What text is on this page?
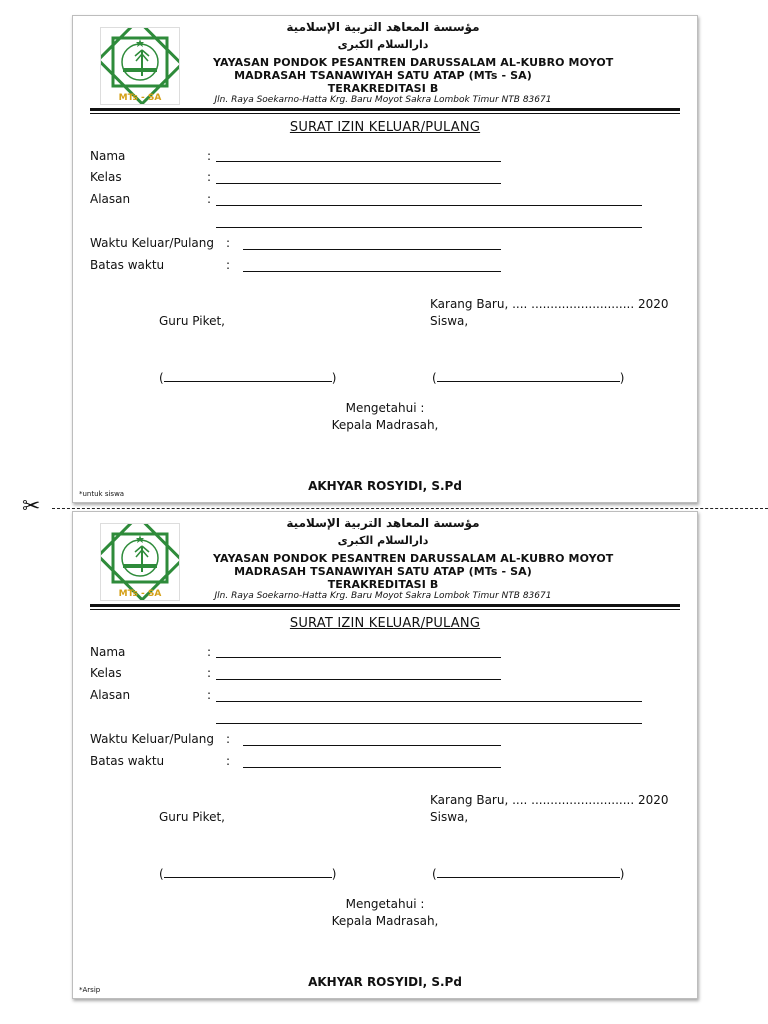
✂
MTs - SA
مؤسسة المعاهد التربية الإسلامية
دارالسلام الكبرى
YAYASAN PONDOK PESANTREN DARUSSALAM AL-KUBRO MOYOT
MADRASAH TSANAWIYAH SATU ATAP (MTs - SA)
TERAKREDITASI B
Jln. Raya Soekarno-Hatta Krg. Baru Moyot Sakra Lombok Timur NTB 83671
SURAT IZIN KELUAR/PULANG
Nama	:
Kelas	:
Alasan	:
Waktu Keluar/Pulang :
Batas waktu	:
Karang Baru, .... ........................... 2020
Guru Piket,	Siswa,
(	)	(	)
Mengetahui :
Kepala Madrasah,
AKHYAR ROSYIDI, S.Pd
*untuk siswa
MTs - SA
مؤسسة المعاهد التربية الإسلامية
دارالسلام الكبرى
YAYASAN PONDOK PESANTREN DARUSSALAM AL-KUBRO MOYOT
MADRASAH TSANAWIYAH SATU ATAP (MTs - SA)
TERAKREDITASI B
Jln. Raya Soekarno-Hatta Krg. Baru Moyot Sakra Lombok Timur NTB 83671
SURAT IZIN KELUAR/PULANG
Nama	:
Kelas	:
Alasan	:
Waktu Keluar/Pulang :
Batas waktu	:
Karang Baru, .... ........................... 2020
Guru Piket,	Siswa,
(	)	(	)
Mengetahui :
Kepala Madrasah,
AKHYAR ROSYIDI, S.Pd
*Arsip
